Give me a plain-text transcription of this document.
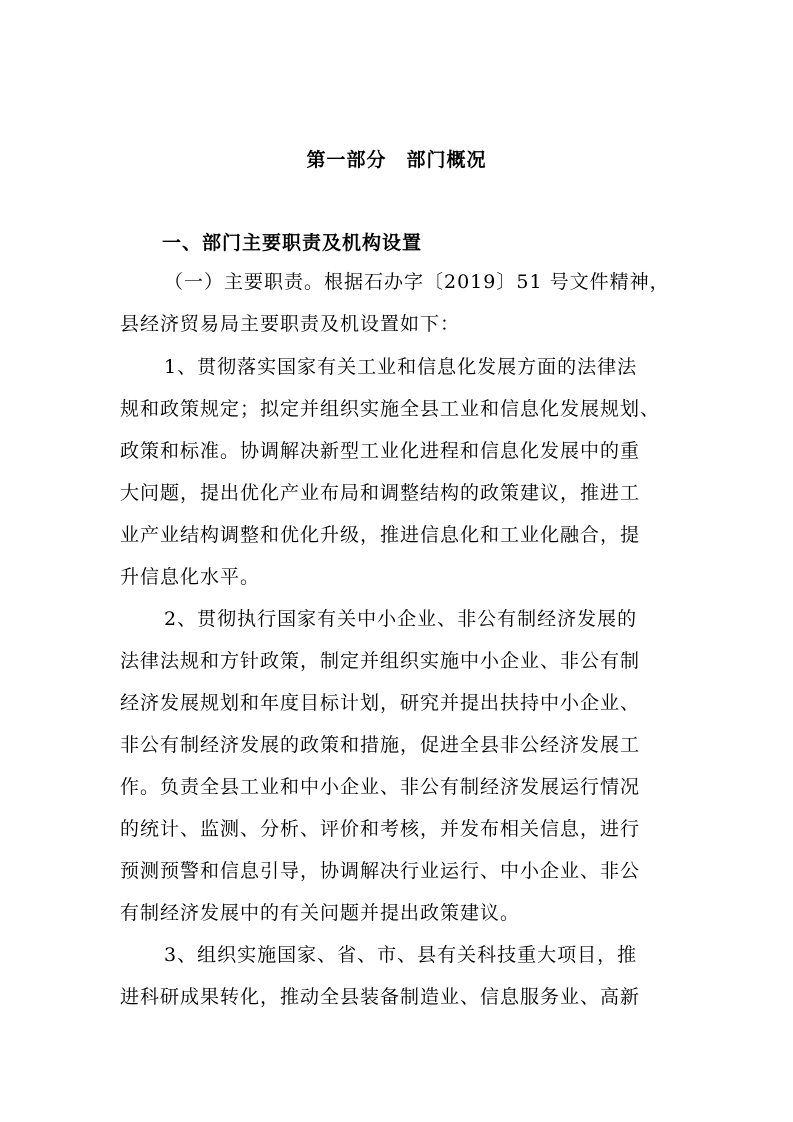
第一部分　部门概况
一、部门主要职责及机构设置
（一）主要职责。根据石办字〔2019〕51 号文件精神，
县经济贸易局主要职责及机设置如下：
1、贯彻落实国家有关工业和信息化发展方面的法律法
规和政策规定；拟定并组织实施全县工业和信息化发展规划、
政策和标准。协调解决新型工业化进程和信息化发展中的重
大问题，提出优化产业布局和调整结构的政策建议，推进工
业产业结构调整和优化升级，推进信息化和工业化融合，提
升信息化水平。
2、贯彻执行国家有关中小企业、非公有制经济发展的
法律法规和方针政策，制定并组织实施中小企业、非公有制
经济发展规划和年度目标计划，研究并提出扶持中小企业、
非公有制经济发展的政策和措施，促进全县非公经济发展工
作。负责全县工业和中小企业、非公有制经济发展运行情况
的统计、监测、分析、评价和考核，并发布相关信息，进行
预测预警和信息引导，协调解决行业运行、中小企业、非公
有制经济发展中的有关问题并提出政策建议。
3、组织实施国家、省、市、县有关科技重大项目，推
进科研成果转化，推动全县装备制造业、信息服务业、高新
